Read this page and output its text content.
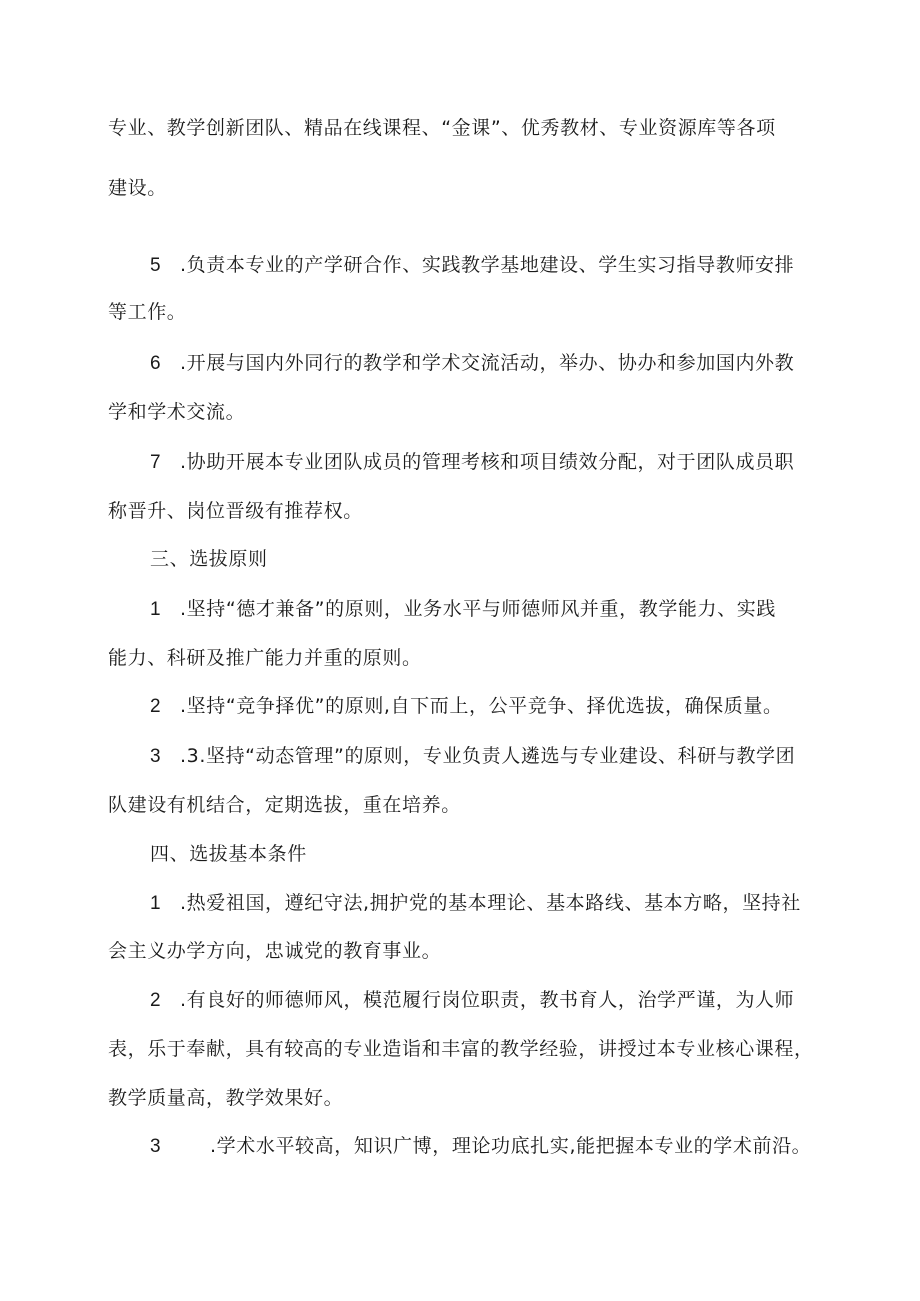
专业、教学创新团队、精品在线课程、“金课”、优秀教材、专业资源库等各项
建设。
5 .负责本专业的产学研合作、实践教学基地建设、学生实习指导教师安排
等工作。
6 .开展与国内外同行的教学和学术交流活动，举办、协办和参加国内外教
学和学术交流。
7 .协助开展本专业团队成员的管理考核和项目绩效分配，对于团队成员职
称晋升、岗位晋级有推荐权。
三、选拔原则
1 .坚持“德才兼备”的原则，业务水平与师德师风并重，教学能力、实践
能力、科研及推广能力并重的原则。
2 .坚持“竞争择优”的原则,自下而上，公平竞争、择优选拔，确保质量。
3 .3.坚持“动态管理”的原则，专业负责人遴选与专业建设、科研与教学团
队建设有机结合，定期选拔，重在培养。
四、选拔基本条件
1 .热爱祖国，遵纪守法,拥护党的基本理论、基本路线、基本方略，坚持社
会主义办学方向，忠诚党的教育事业。
2 .有良好的师德师风，模范履行岗位职责，教书育人，治学严谨，为人师
表，乐于奉献，具有较高的专业造诣和丰富的教学经验，讲授过本专业核心课程，
教学质量高，教学效果好。
3	.学术水平较高，知识广博，理论功底扎实,能把握本专业的学术前沿。
